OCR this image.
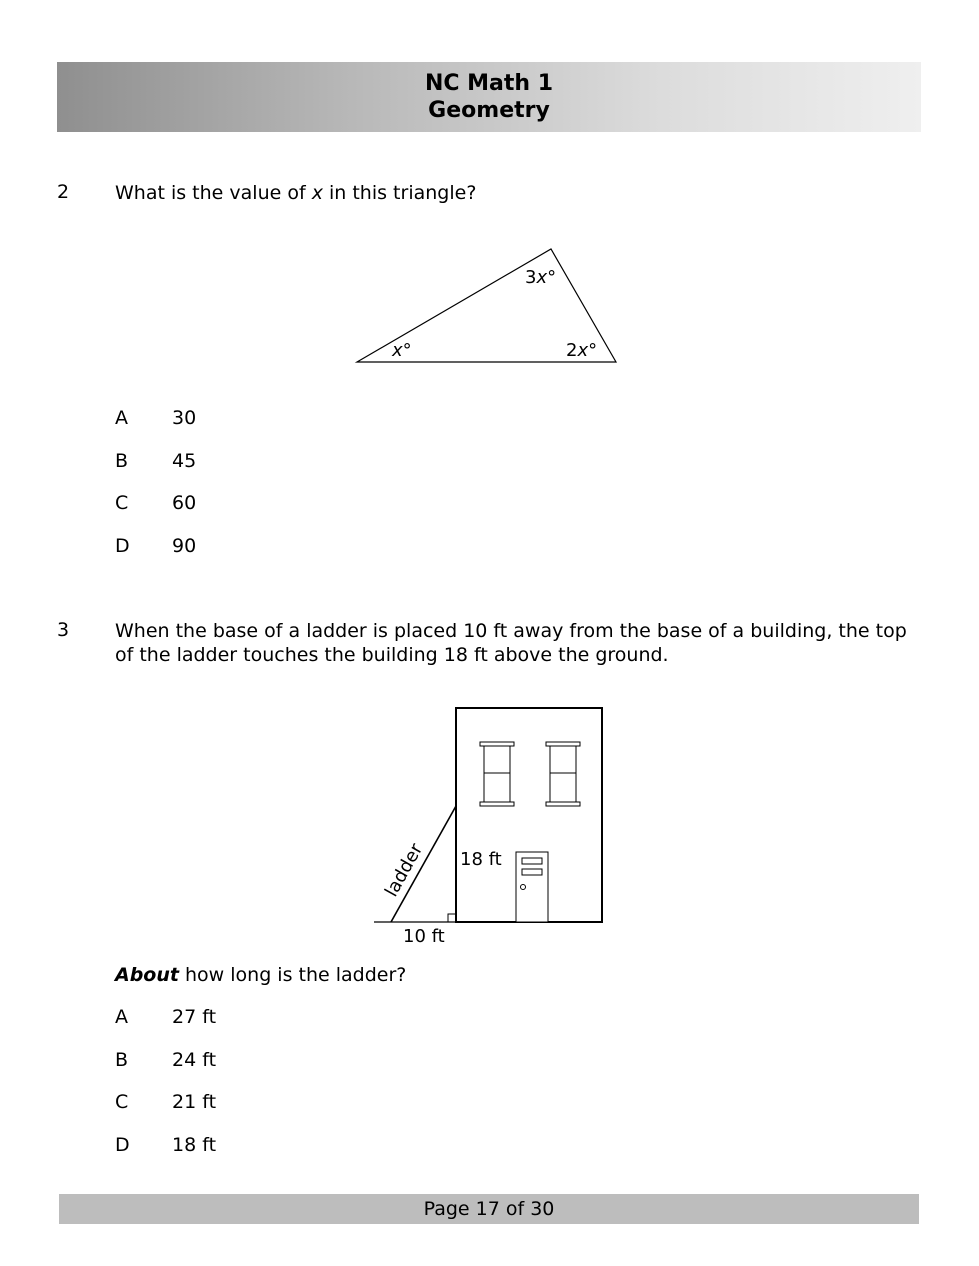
NC Math 1
Geometry
2 What is the value of x in this triangle?
3x°
x°	2x°
A 30
B 45
C 60
D 90
3 When the base of a ladder is placed 10 ft away from the base of a building, the top
of the ladder touches the building 18 ft above the ground.
18 ft
10 ft
ladder
About how long is the ladder?
A 27 ft
B 24 ft
C 21 ft
D 18 ft
Page 17 of 30
